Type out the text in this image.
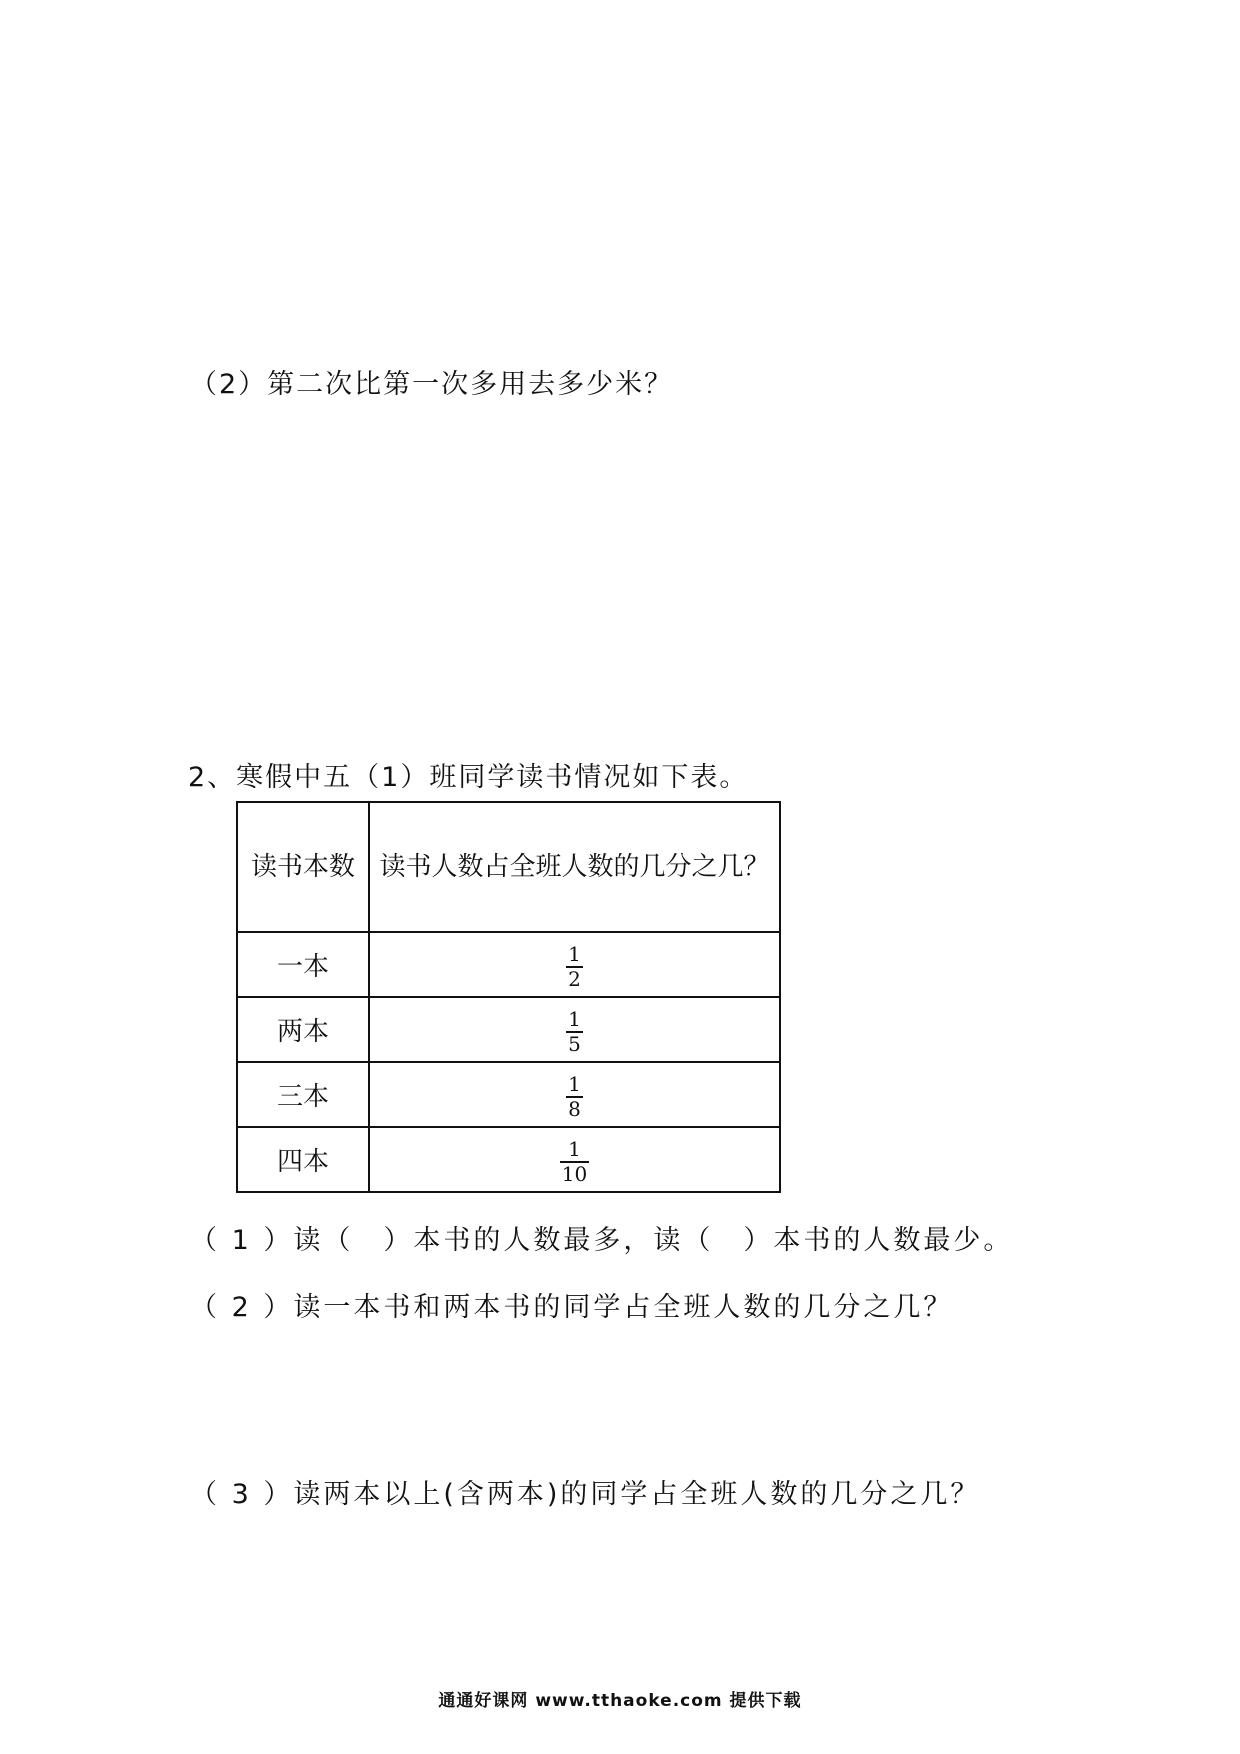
（2）第二次比第一次多用去多少米？
2、寒假中五（1）班同学读书情况如下表。
读书本数	读书人数占全班人数的几分之几？
一本	$\frac{1}{2}$

两本	$\frac{1}{5}$

三本	$\frac{1}{8}$

四本	$\frac{1}{10}$
（ 1 ）读（ ）本书的人数最多，读（ ）本书的人数最少。
（ 2 ）读一本书和两本书的同学占全班人数的几分之几？
（ 3 ）读两本以上(含两本)的同学占全班人数的几分之几？
通通好课网 www.tthaoke.com 提供下载
